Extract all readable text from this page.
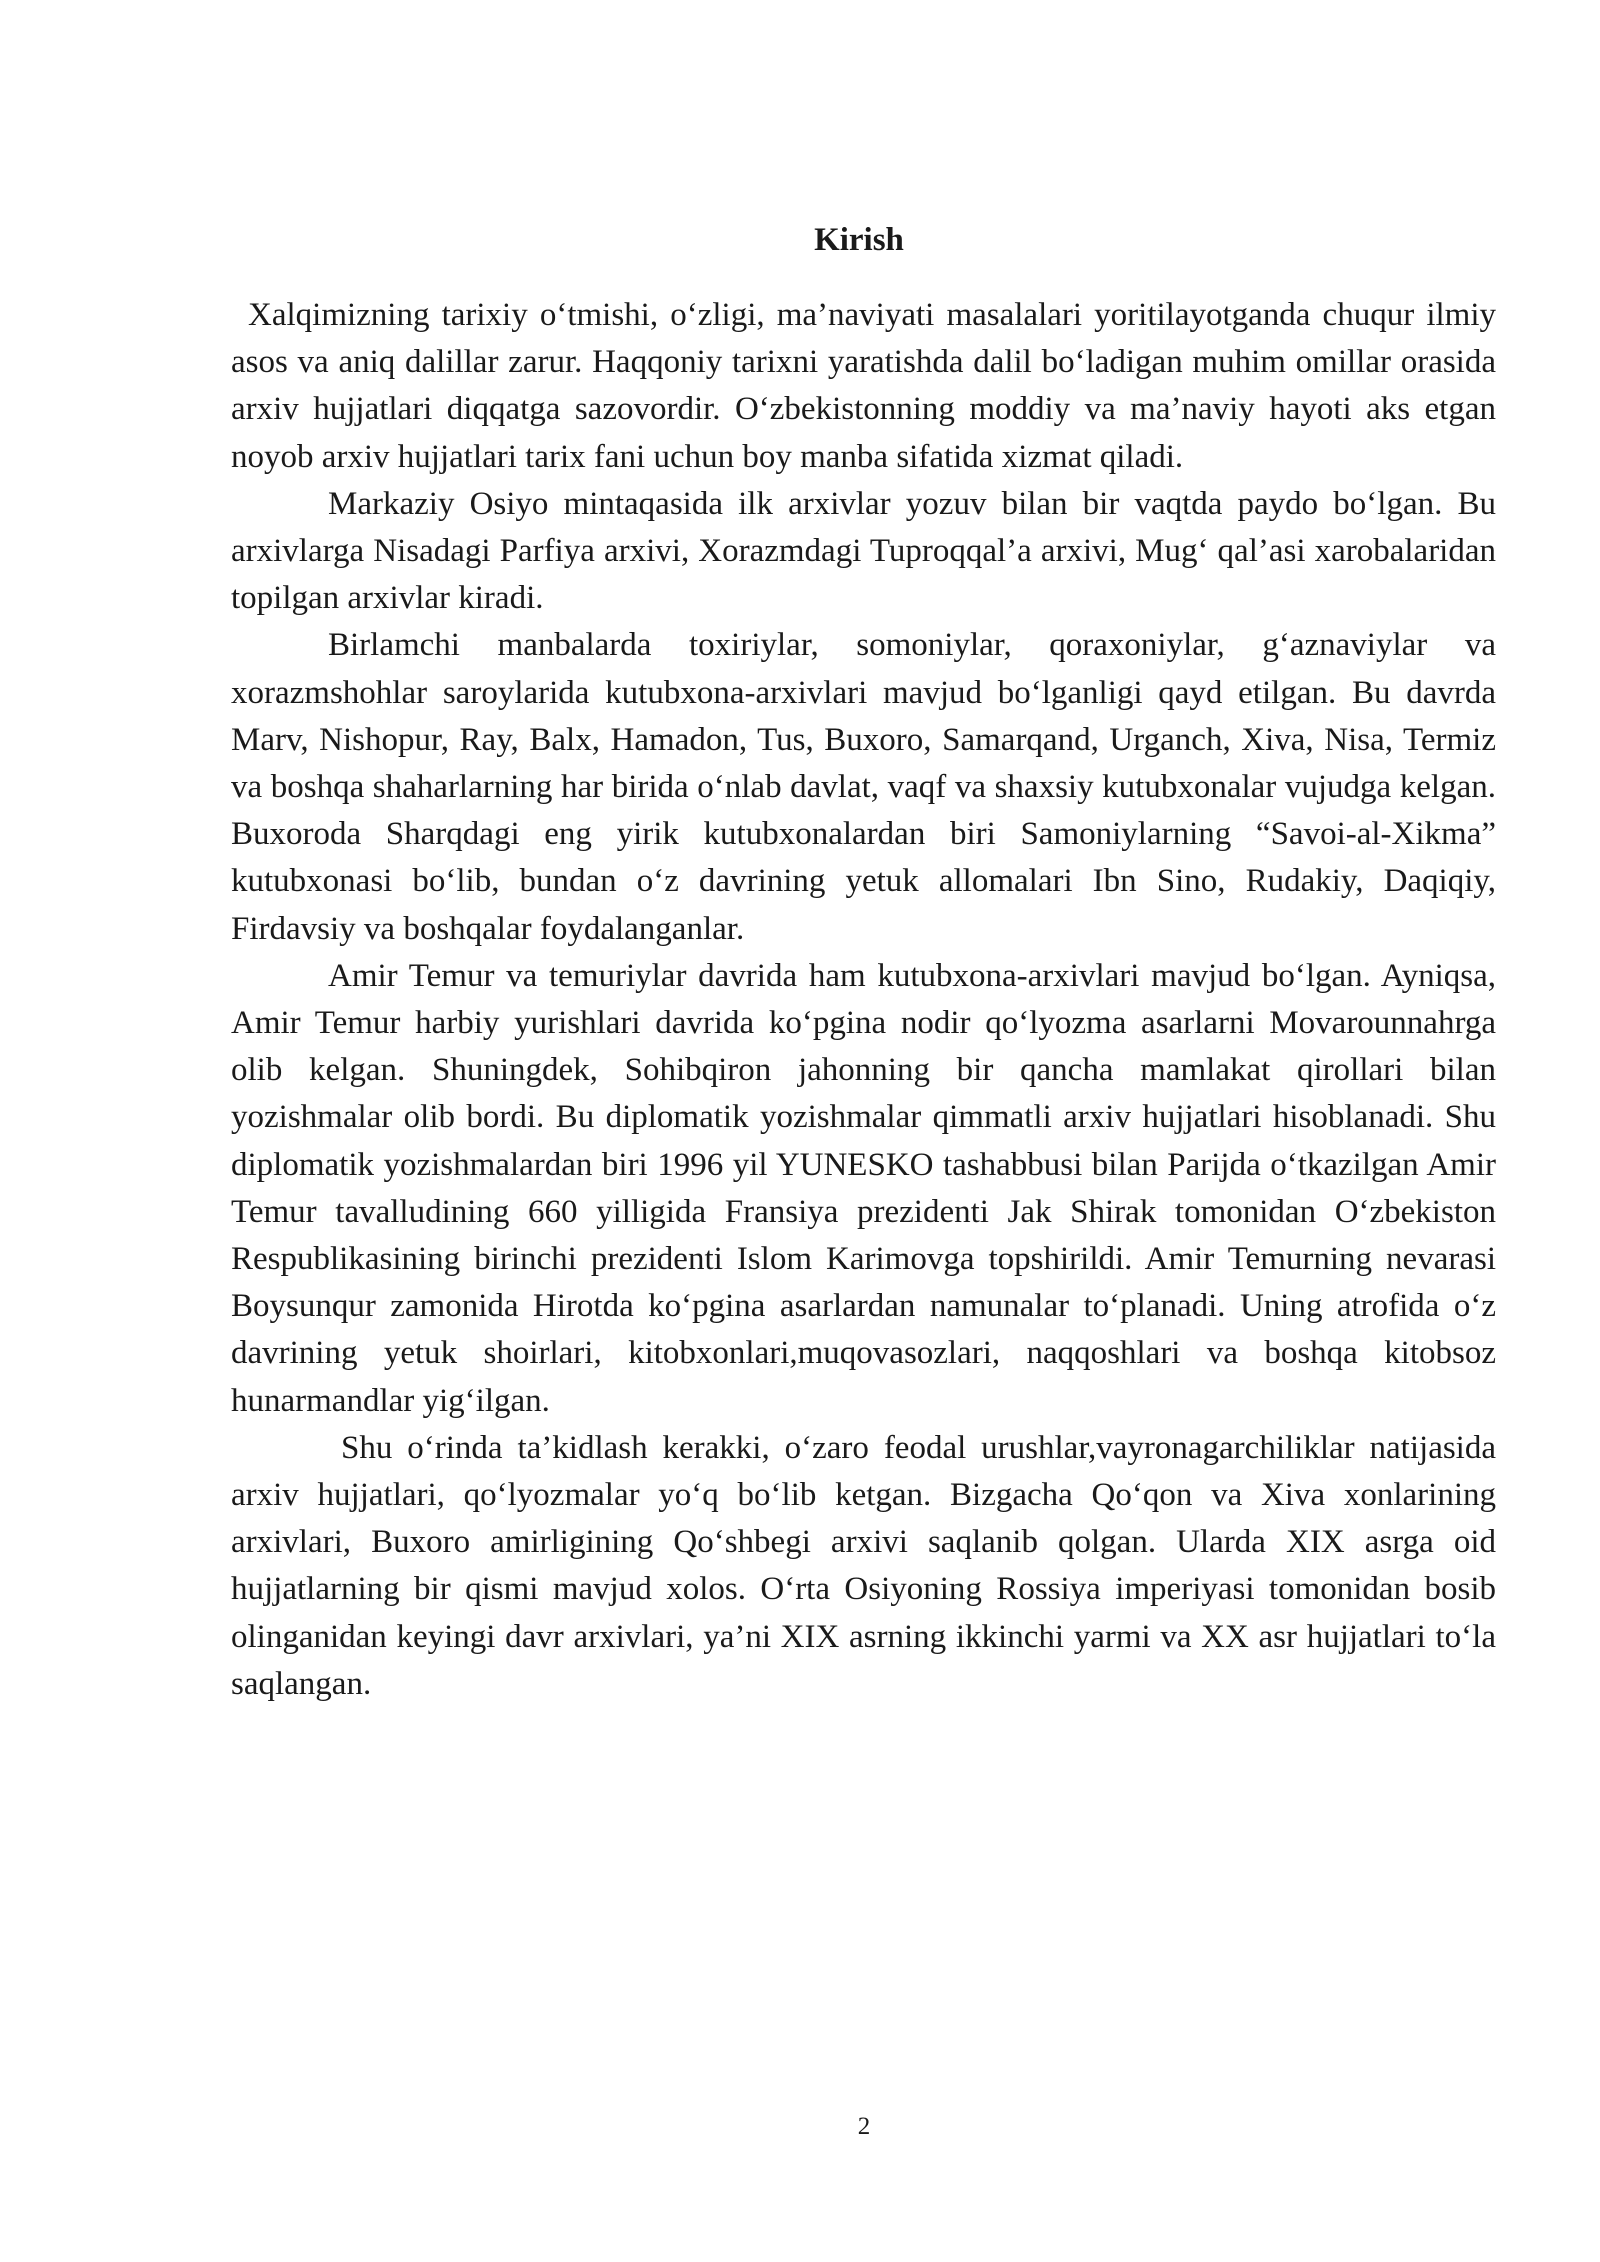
Kirish

Xalqimizning tarixiy o‘tmishi, o‘zligi, ma’naviyati masalalari yoritilayotganda chuqur ilmiy asos va aniq dalillar zarur. Haqqoniy tarixni yaratishda dalil bo‘ladigan muhim omillar orasida arxiv hujjatlari diqqatga sazovordir. O‘zbekistonning moddiy va ma’naviy hayoti aks etgan noyob arxiv hujjatlari tarix fani uchun boy manba sifatida xizmat qiladi.

Markaziy Osiyo mintaqasida ilk arxivlar yozuv bilan bir vaqtda paydo bo‘lgan. Bu arxivlarga Nisadagi Parfiya arxivi, Xorazmdagi Tuproqqal’a arxivi, Mug‘ qal’asi xarobalaridan topilgan arxivlar kiradi.

Birlamchi manbalarda toxiriylar, somoniylar, qoraxoniylar, g‘aznaviylar va xorazmshohlar saroylarida kutubxona-arxivlari mavjud bo‘lganligi qayd etilgan. Bu davrda Marv, Nishopur, Ray, Balx, Hamadon, Tus, Buxoro, Samarqand, Urganch, Xiva, Nisa, Termiz va boshqa shaharlarning har birida o‘nlab davlat, vaqf va shaxsiy kutubxonalar vujudga kelgan. Buxoroda Sharqdagi eng yirik kutubxonalardan biri Samoniylarning “Savoi-al-Xikma” kutubxonasi bo‘lib, bundan o‘z davrining yetuk allomalari Ibn Sino, Rudakiy, Daqiqiy, Firdavsiy va boshqalar foydalanganlar.

Amir Temur va temuriylar davrida ham kutubxona-arxivlari mavjud bo‘lgan. Ayniqsa, Amir Temur harbiy yurishlari davrida ko‘pgina nodir qo‘lyozma asarlarni Movarounnahrga olib kelgan. Shuningdek, Sohibqiron jahonning bir qancha mamlakat qirollari bilan yozishmalar olib bordi. Bu diplomatik yozishmalar qimmatli arxiv hujjatlari hisoblanadi. Shu diplomatik yozishmalardan biri 1996 yil YUNESKO tashabbusi bilan Parijda o‘tkazilgan Amir Temur tavalludining 660 yilligida Fransiya prezidenti Jak Shirak tomonidan O‘zbekiston Respublikasining birinchi prezidenti Islom Karimovga topshirildi. Amir Temurning nevarasi Boysunqur zamonida Hirotda ko‘pgina asarlardan namunalar to‘planadi. Uning atrofida o‘z davrining yetuk shoirlari, kitobxonlari,muqovasozlari, naqqoshlari va boshqa kitobsoz hunarmandlar yig‘ilgan.

Shu o‘rinda ta’kidlash kerakki, o‘zaro feodal urushlar,vayronagarchiliklar natijasida arxiv hujjatlari, qo‘lyozmalar yo‘q bo‘lib ketgan. Bizgacha Qo‘qon va Xiva xonlarining arxivlari, Buxoro amirligining Qo‘shbegi arxivi saqlanib qolgan. Ularda XIX asrga oid hujjatlarning bir qismi mavjud xolos. O‘rta Osiyoning Rossiya imperiyasi tomonidan bosib olinganidan keyingi davr arxivlari, ya’ni XIX asrning ikkinchi yarmi va XX asr hujjatlari to‘la saqlangan.

2
